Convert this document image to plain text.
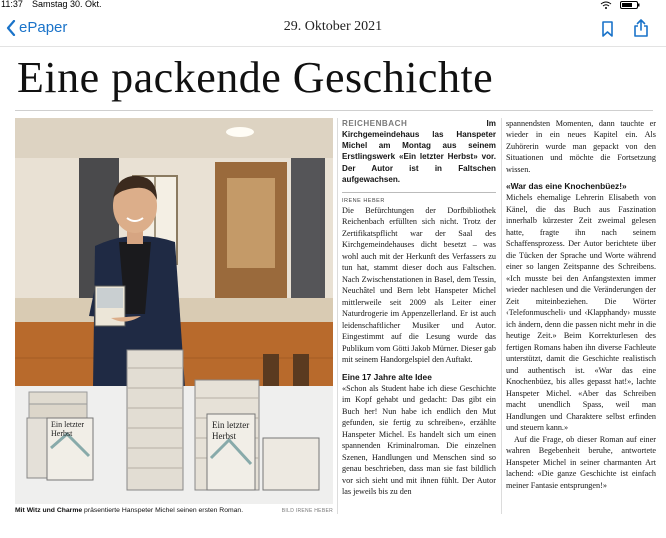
11:37 Samstag 30. Okt.
ePaper	29. Oktober 2021
Eine packende Geschichte
Ein letzter
Herbst
Ein letzter
Herbst
Mit Witz und Charme präsentierte Hanspeter Michel seinen ersten Roman.	BILD IRENE HEBER

REICHENBACH	Im Kirchgemeindehaus las Hanspeter Michel am Montag aus seinem Erstlingswerk «Ein letzter Herbst» vor. Der Autor ist in Faltschen aufgewachsen.

IRENE HEBER

Die Befürchtungen der Dorfbibliothek Reichenbach erfüllten sich nicht. Trotz der Zertifikatspflicht war der Saal des Kirchgemeindehauses dicht besetzt – was wohl auch mit der Herkunft des Verfassers zu tun hat, stammt dieser doch aus Faltschen. Nach Zwischenstationen in Basel, dem Tessin, Neuchâtel und Bern lebt Hanspeter Michel mittlerweile seit 2009 als Leiter einer Naturdrogerie im Appenzellerland. Er ist auch leidenschaftlicher Musiker und Autor. Eingestimmt auf die Lesung wurde das Publikum vom Götti Jakob Mürner. Dieser gab mit seinem Handorgelspiel den Auftakt.

Eine 17 Jahre alte Idee

«Schon als Student habe ich diese Geschichte im Kopf gehabt und gedacht: Das gibt ein Buch her! Nun habe ich endlich den Mut gefunden, sie fertig zu schreiben», erzählte Hanspeter Michel. Es handelt sich um einen spannenden Kriminalroman. Die einzelnen Szenen, Handlungen und Menschen sind so genau beschrieben, dass man sie fast bildlich vor sich sieht und mit ihnen fühlt. Der Autor las jeweils bis zu den

spannendsten Momenten, dann tauchte er wieder in ein neues Kapitel ein. Als Zuhörerin wurde man gepackt von den Situationen und möchte die Fortsetzung wissen.

«War das eine Knochenbüez!»

Michels ehemalige Lehrerin Elisabeth von Känel, die das Buch aus Faszination innerhalb kürzester Zeit zweimal gelesen hatte, fragte ihn nach seinem Schaffensprozess. Der Autor berichtete über die Tücken der Sprache und Worte während einer so langen Zeitspanne des Schreibens. «Ich musste bei den Anfangstexten immer wieder nachlesen und die Veränderungen der Zeit miteinbeziehen. Die Wörter ‹Telefonmuscheli› und ‹Klapphandy› musste ich ändern, denn die passen nicht mehr in die heutige Zeit.» Beim Korrekturlesen des fertigen Romans haben ihn diverse Fachleute unterstützt, damit die Geschichte realistisch und authentisch ist. «War das eine Knochenbüez, bis alles gepasst hat!», lachte Hanspeter Michel. «Aber das Schreiben macht unendlich Spass, weil man Handlungen und Charaktere selbst erfinden und steuern kann.»

Auf die Frage, ob dieser Roman auf einer wahren Begebenheit beruhe, antwortete Hanspeter Michel in seiner charmanten Art lachend: «Die ganze Geschichte ist einfach meiner Fantasie entsprungen!»
